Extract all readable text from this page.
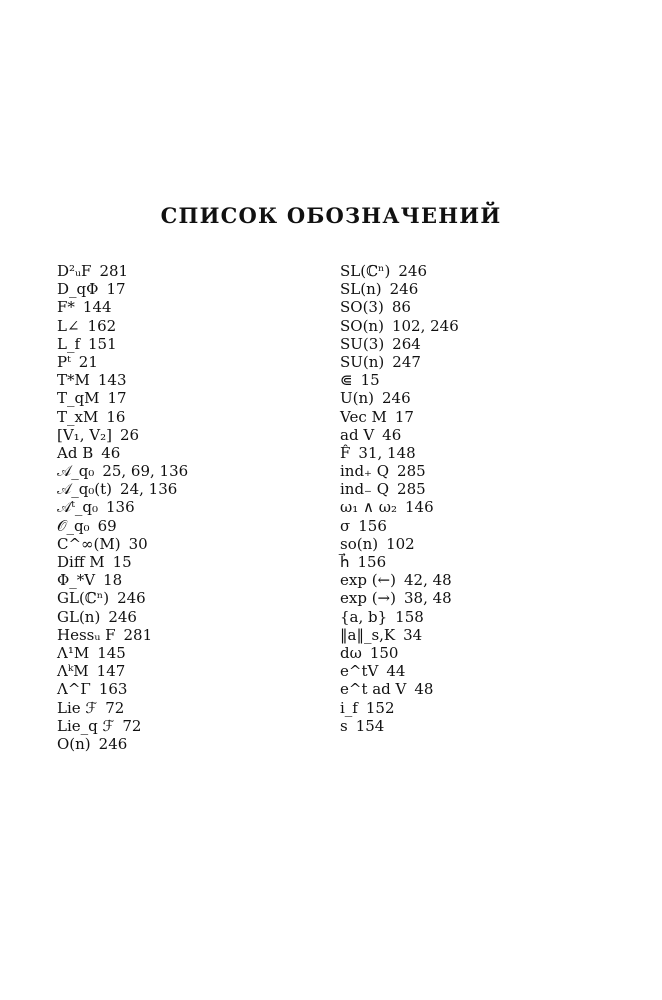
СПИСОК ОБОЗНАЧЕНИЙ
D²ᵤF 281
D_qΦ 17
F* 144
L∠ 162
L_f 151
Pᵗ 21
T*M 143
T_qM 17
T_xM 16
[V₁, V₂] 26
Ad B 46
𝒜_q₀ 25, 69, 136
𝒜_q₀(t) 24, 136
𝒜ᵗ_q₀ 136
𝒪_q₀ 69
C^∞(M) 30
Diff M 15
Φ_*V 18
GL(ℂⁿ) 246
GL(n) 246
Hessᵤ F 281
Λ¹M 145
ΛᵏM 147
Λ^Γ 163
Lie ℱ 72
Lie_q ℱ 72
O(n) 246
SL(ℂⁿ) 246
SL(n) 246
SO(3) 86
SO(n) 102, 246
SU(3) 264
SU(n) 247
⋐ 15
U(n) 246
Vec M 17
ad V 46
F̂ 31, 148
ind₊ Q 285
ind₋ Q 285
ω₁ ∧ ω₂ 146
σ 156
so(n) 102
h⃗ 156
exp (←) 42, 48
exp (→) 38, 48
{a, b} 158
‖a‖_s,K 34
dω 150
e^tV 44
e^t ad V 48
i_f 152
s 154
